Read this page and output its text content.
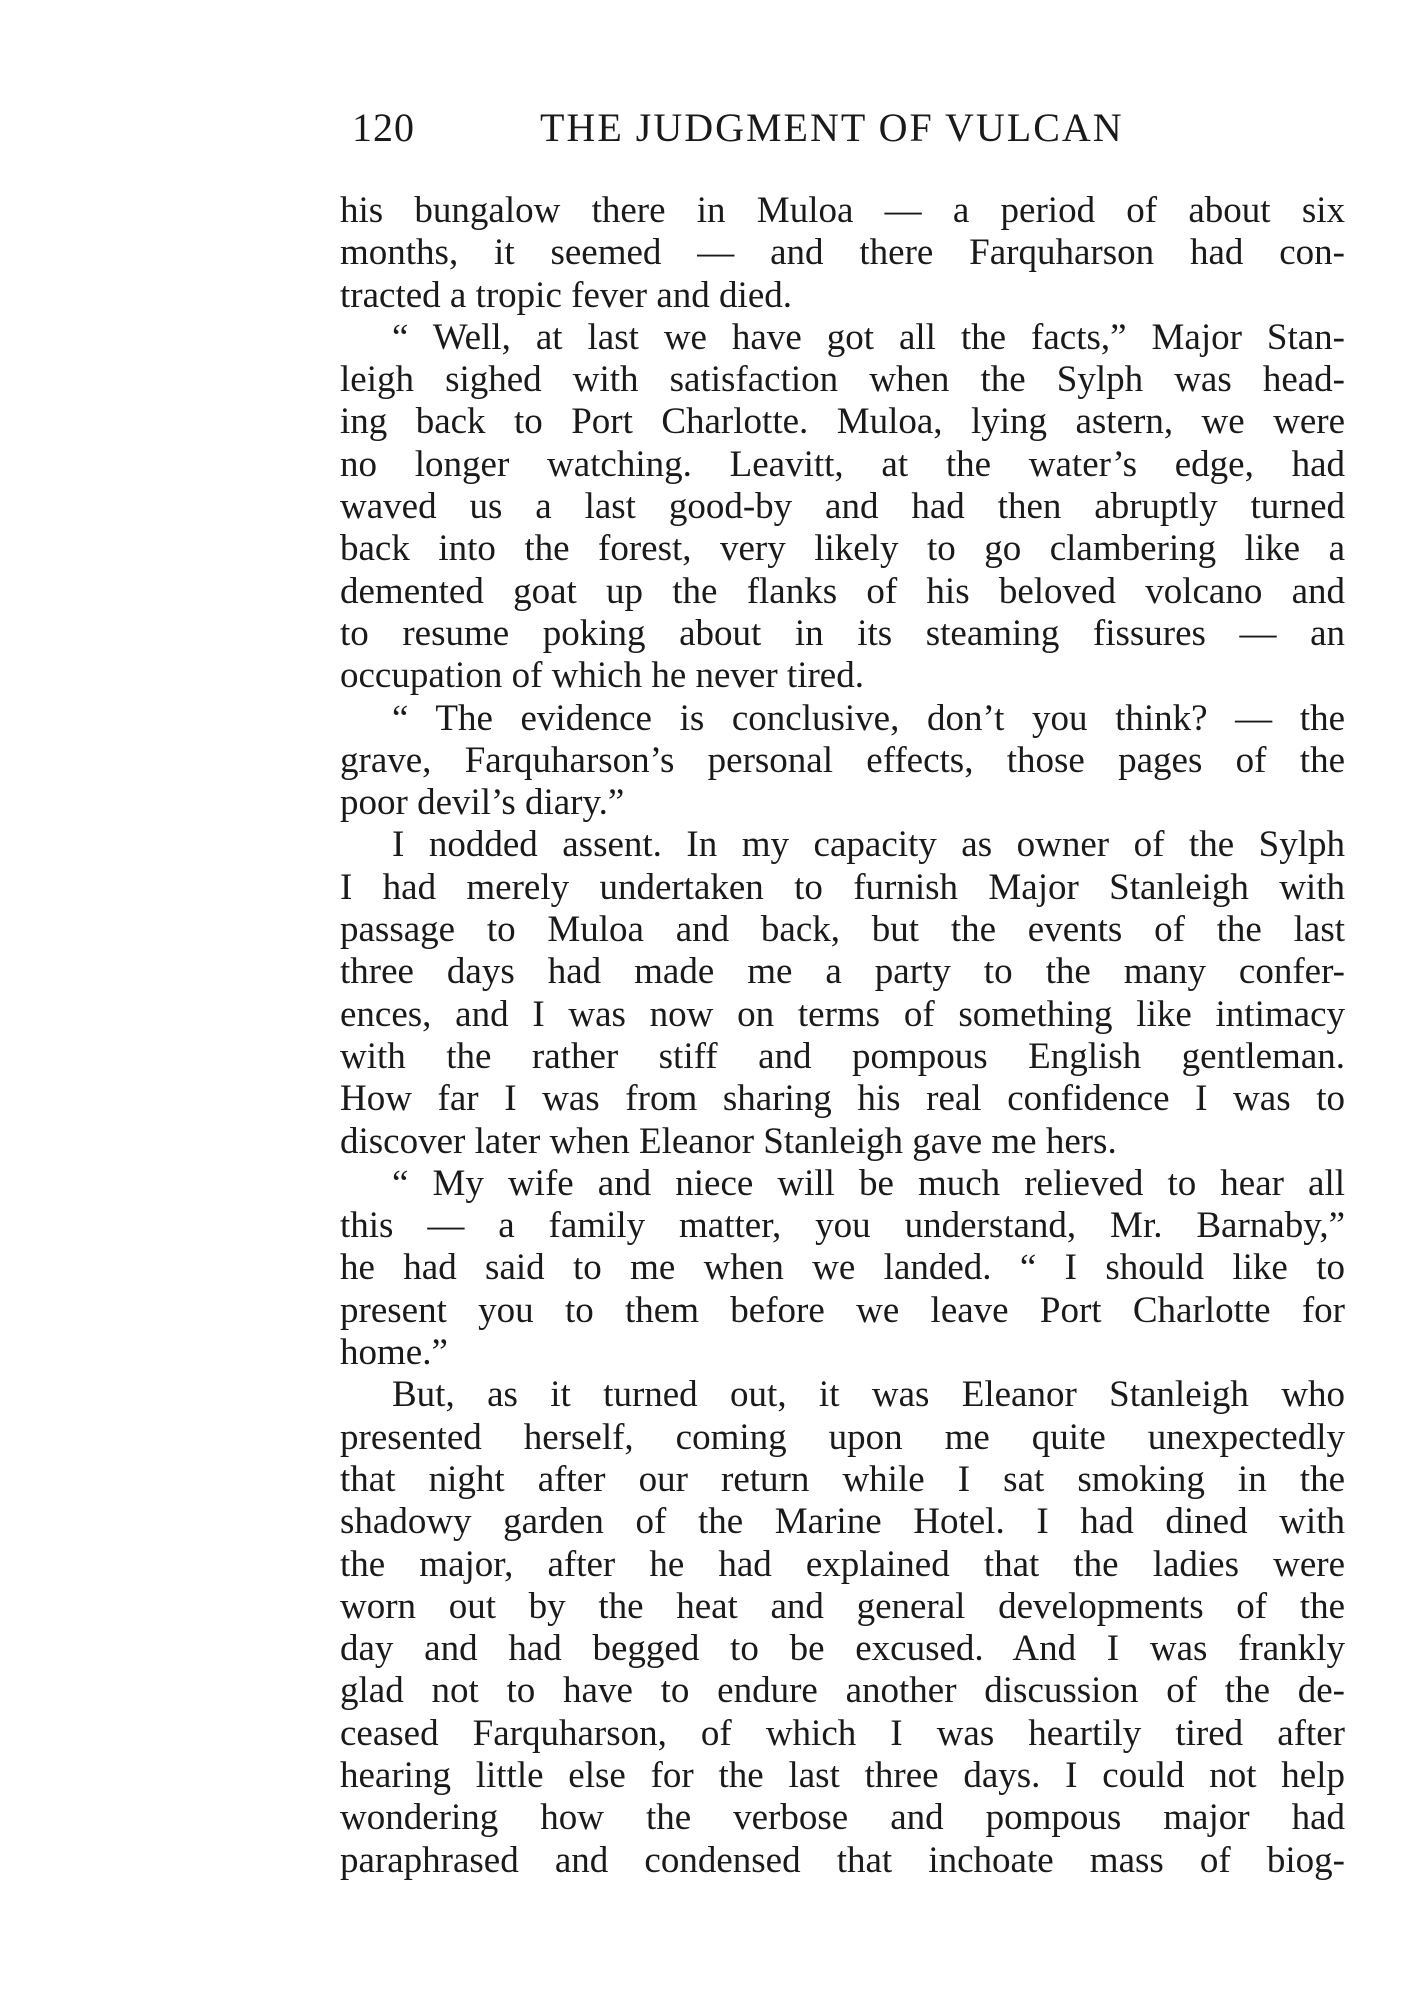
120	THE JUDGMENT OF VULCAN
his bungalow there in Muloa — a period of about six
months, it seemed — and there Farquharson had con-
tracted a tropic fever and died.
“ Well, at last we have got all the facts,” Major Stan-
leigh sighed with satisfaction when the Sylph was head-
ing back to Port Charlotte. Muloa, lying astern, we were
no longer watching. Leavitt, at the water’s edge, had
waved us a last good-by and had then abruptly turned
back into the forest, very likely to go clambering like a
demented goat up the flanks of his beloved volcano and
to resume poking about in its steaming fissures — an
occupation of which he never tired.
“ The evidence is conclusive, don’t you think? — the
grave, Farquharson’s personal effects, those pages of the
poor devil’s diary.”
I nodded assent. In my capacity as owner of the Sylph
I had merely undertaken to furnish Major Stanleigh with
passage to Muloa and back, but the events of the last
three days had made me a party to the many confer-
ences, and I was now on terms of something like intimacy
with the rather stiff and pompous English gentleman.
How far I was from sharing his real confidence I was to
discover later when Eleanor Stanleigh gave me hers.
“ My wife and niece will be much relieved to hear all
this — a family matter, you understand, Mr. Barnaby,”
he had said to me when we landed. “ I should like to
present you to them before we leave Port Charlotte for
home.”
But, as it turned out, it was Eleanor Stanleigh who
presented herself, coming upon me quite unexpectedly
that night after our return while I sat smoking in the
shadowy garden of the Marine Hotel. I had dined with
the major, after he had explained that the ladies were
worn out by the heat and general developments of the
day and had begged to be excused. And I was frankly
glad not to have to endure another discussion of the de-
ceased Farquharson, of which I was heartily tired after
hearing little else for the last three days. I could not help
wondering how the verbose and pompous major had
paraphrased and condensed that inchoate mass of biog-
